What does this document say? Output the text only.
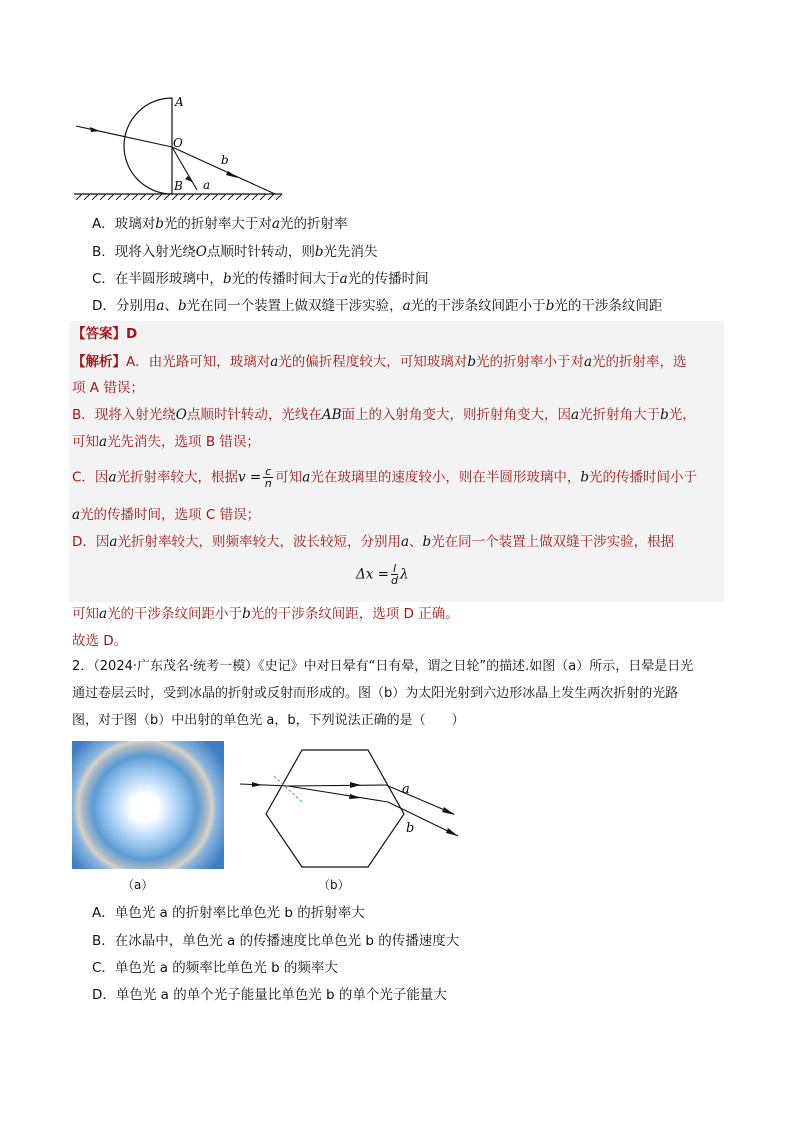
A
O
B a
b
A．玻璃对b光的折射率大于对a光的折射率
B．现将入射光绕O点顺时针转动，则b光先消失
C．在半圆形玻璃中，b光的传播时间大于a光的传播时间
D．分别用a、b光在同一个装置上做双缝干涉实验，a光的干涉条纹间距小于b光的干涉条纹间距
【答案】D
【解析】A．由光路可知，玻璃对a光的偏折程度较大，可知玻璃对b光的折射率小于对a光的折射率，选
项 A 错误；
B．现将入射光绕O点顺时针转动，光线在AB面上的入射角变大，则折射角变大，因a光折射角大于b光，
可知a光先消失，选项 B 错误；
C．因a光折射率较大，根据$v = \frac{c}{n}$ 可知a光在玻璃里的速度较小，则在半圆形玻璃中，b光的传播时间小于
a光的传播时间，选项 C 错误；
D．因a光折射率较大，则频率较大，波长较短，分别用a、b光在同一个装置上做双缝干涉实验，根据
$\Delta x = \frac{l}{d}$ λ
可知a光的干涉条纹间距小于b光的干涉条纹间距，选项 D 正确。
故选 D。
2．（2024·广东茂名·统考一模）《史记》中对日晕有“日有晕，谓之日轮”的描述.如图（a）所示，日晕是日光
通过卷层云时，受到冰晶的折射或反射而形成的。图（b）为太阳光射到六边形冰晶上发生两次折射的光路
图，对于图（b）中出射的单色光 a，b，下列说法正确的是（　　）
（a）
a
b
（b）
A．单色光 a 的折射率比单色光 b 的折射率大
B．在冰晶中，单色光 a 的传播速度比单色光 b 的传播速度大
C．单色光 a 的频率比单色光 b 的频率大
D．单色光 a 的单个光子能量比单色光 b 的单个光子能量大
